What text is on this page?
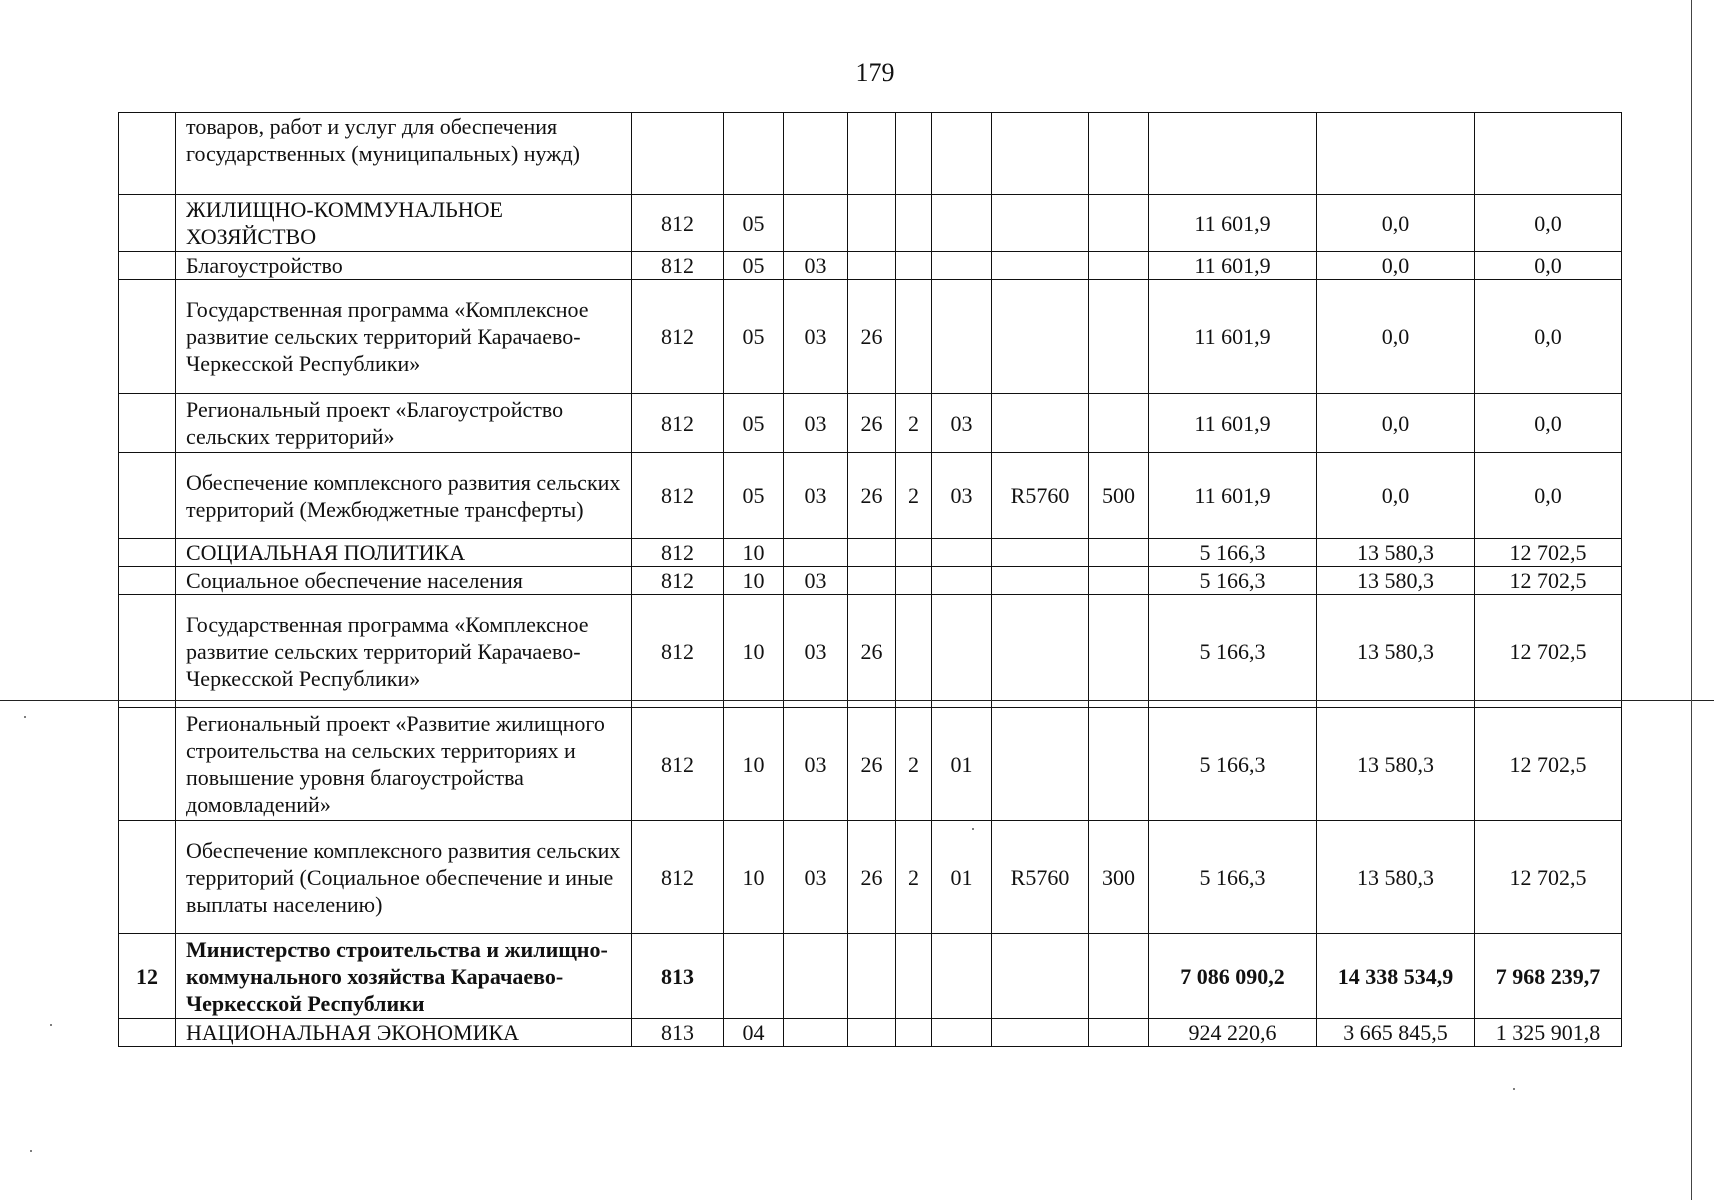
179
	товаров, работ и услуг для обеспечения государственных (муниципальных) нужд)											
	ЖИЛИЩНО-КОММУНАЛЬНОЕ ХОЗЯЙСТВО	812	05							11 601,9	0,0	0,0
	Благоустройство	812	05	03						11 601,9	0,0	0,0
	Государственная программа «Комплексное развитие сельских территорий Карачаево-Черкесской Республики»	812	05	03	26					11 601,9	0,0	0,0
	Региональный проект «Благоустройство сельских территорий»	812	05	03	26	2	03			11 601,9	0,0	0,0
	Обеспечение комплексного развития сельских территорий (Межбюджетные трансферты)	812	05	03	26	2	03	R5760	500	11 601,9	0,0	0,0
	СОЦИАЛЬНАЯ ПОЛИТИКА	812	10							5 166,3	13 580,3	12 702,5
	Социальное обеспечение населения	812	10	03						5 166,3	13 580,3	12 702,5
	Государственная программа «Комплексное развитие сельских территорий Карачаево-Черкесской Республики»	812	10	03	26					5 166,3	13 580,3	12 702,5
	Региональный проект «Развитие жилищного строительства на сельских территориях и повышение уровня благоустройства домовладений»	812	10	03	26	2	01			5 166,3	13 580,3	12 702,5
	Обеспечение комплексного развития сельских территорий (Социальное обеспечение и иные выплаты населению)	812	10	03	26	2	01	R5760	300	5 166,3	13 580,3	12 702,5
12	Министерство строительства и жилищно-коммунального хозяйства Карачаево-Черкесской Республики	813								7 086 090,2	14 338 534,9	7 968 239,7
	НАЦИОНАЛЬНАЯ ЭКОНОМИКА	813	04							924 220,6	3 665 845,5	1 325 901,8
